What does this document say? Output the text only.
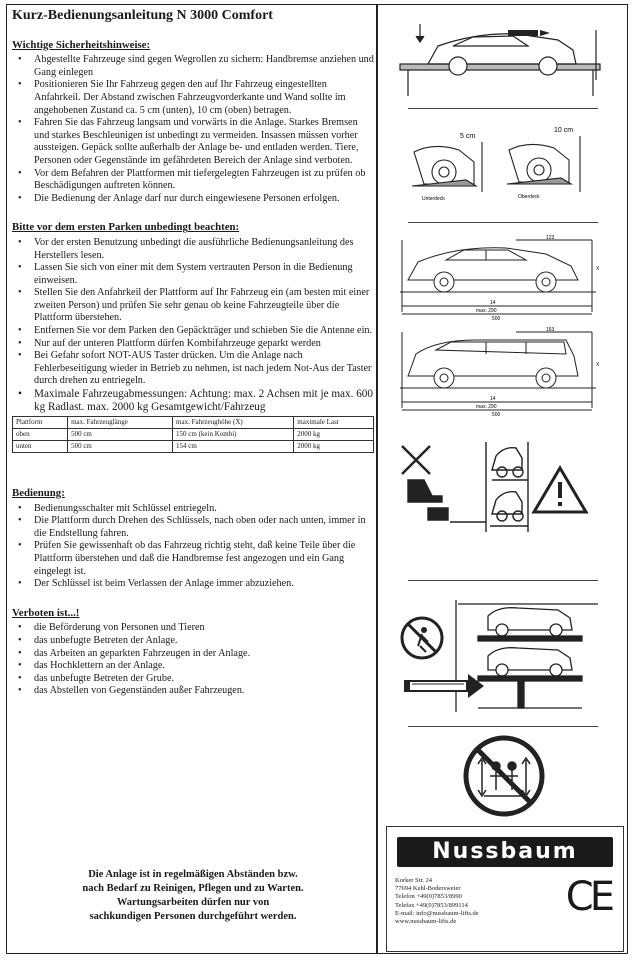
Kurz-Bedienungsanleitung N 3000 Comfort
Wichtige Sicherheitshinweise:
• Abgestellte Fahrzeuge sind gegen Wegrollen zu sichern: Handbremse anziehen und Gang einlegen
• Positionieren Sie Ihr Fahrzeug gegen den auf Ihr Fahrzeug eingestellten Anfahrkeil. Der Abstand zwischen Fahrzeugvorderkante und Wand sollte im angehobenen Zustand ca. 5 cm (unten), 10 cm (oben) betragen.
• Fahren Sie das Fahrzeug langsam und vorwärts in die Anlage. Starkes Bremsen und starkes Beschleunigen ist unbedingt zu vermeiden. Insassen müssen vorher aussteigen. Gepäck sollte außerhalb der Anlage be- und entladen werden. Tiere, Personen oder Gegenstände im gefährdeten Bereich der Anlage sind verboten.
• Vor dem Befahren der Plattformen mit tiefergelegten Fahrzeugen ist zu prüfen ob Beschädigungen auftreten können.
• Die Bedienung der Anlage darf nur durch eingewiesene Personen erfolgen.
Bitte vor dem ersten Parken unbedingt beachten:
• Vor der ersten Benutzung unbedingt die ausführliche Bedienungsanleitung des Herstellers lesen.
• Lassen Sie sich von einer mit dem System vertrauten Person in die Bedienung einweisen.
• Stellen Sie den Anfahrkeil der Plattform auf Ihr Fahrzeug ein (am besten mit einer zweiten Person) und prüfen Sie sehr genau ob keine Fahrzeugteile über die Plattform überstehen.
• Entfernen Sie vor dem Parken den Gepäckträger und schieben Sie die Antenne ein.
• Nur auf der unteren Plattform dürfen Kombifahrzeuge geparkt werden
• Bei Gefahr sofort NOT-AUS Taster drücken. Um die Anlage nach Fehlerbeseitigung wieder in Betrieb zu nehmen, ist nach jedem Not-Aus der Taster durch drehen zu entriegeln.
• Maximale Fahrzeugabmessungen: Achtung: max. 2 Achsen mit je max. 600 kg Radlast. max. 2000 kg Gesamtgewicht/Fahrzeug
Plattform	max. Fahrzeuglänge	max. Fahrzeughöhe (X)	maximale Last
oben	500 cm	150 cm (kein Kombi)	2000 kg
unten	500 cm	154 cm	2000 kg
Bedienung:
• Bedienungsschalter mit Schlüssel entriegeln.
• Die Plattform durch Drehen des Schlüssels, nach oben oder nach unten, immer in die Endstellung fahren.
• Prüfen Sie gewissenhaft ob das Fahrzeug richtig steht, daß keine Teile über die Plattform überstehen und daß die Handbremse fest angezogen und ein Gang eingelegt ist.
• Der Schlüssel ist beim Verlassen der Anlage immer abzuziehen.
Verboten ist...!
• die Beförderung von Personen und Tieren
• das unbefugte Betreten der Anlage.
• das Arbeiten an geparkten Fahrzeugen in der Anlage.
• das Hochklettern an der Anlage.
• das unbefugte Betreten der Grube.
• das Abstellen von Gegenständen außer Fahrzeugen.
Die Anlage ist in regelmäßigen Abständen bzw.
nach Bedarf zu Reinigen, Pflegen und zu Warten.
Wartungsarbeiten dürfen nur von
sachkundigen Personen durchgeführt werden.
5 cm
10 cm
Unterdeck	Oberdeck
14
max. 290
500
123
X
14
max. 290
500
163
X
Nussbaum
Korker Str. 24
77694 Kehl-Bodersweier
Telefon +49(0)7853/8990
Telefax +49(0)7853/899114
E-mail: info@nussbaum-lifts.de
www.nussbaum-lifts.de
CE
